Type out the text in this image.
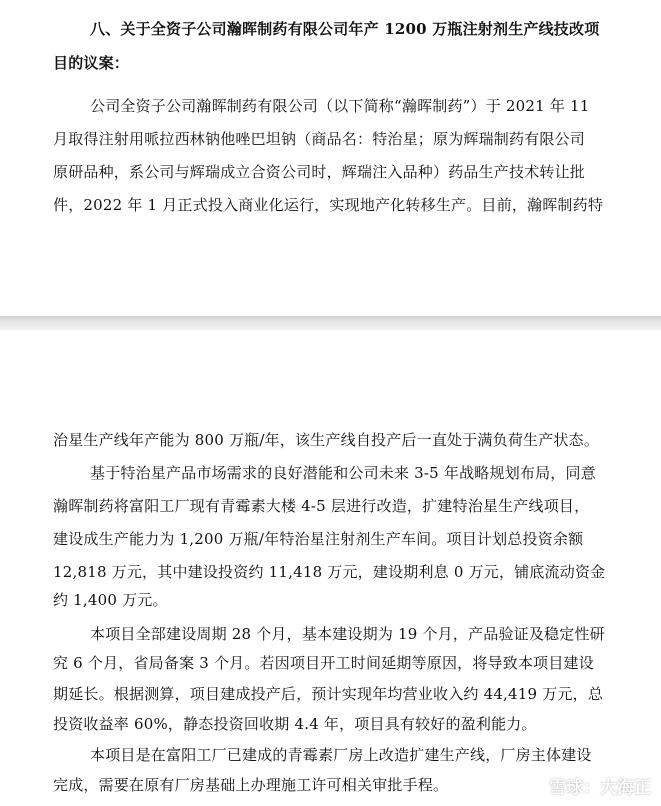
八、关于全资子公司瀚晖制药有限公司年产 1200 万瓶注射剂生产线技改项
目的议案：
公司全资子公司瀚晖制药有限公司（以下简称“瀚晖制药”）于 2021 年 11
月取得注射用哌拉西林钠他唑巴坦钠（商品名：特治星；原为辉瑞制药有限公司
原研品种，系公司与辉瑞成立合资公司时，辉瑞注入品种）药品生产技术转让批
件，2022 年 1 月正式投入商业化运行，实现地产化转移生产。目前，瀚晖制药特
治星生产线年产能为 800 万瓶/年，该生产线自投产后一直处于满负荷生产状态。
基于特治星产品市场需求的良好潜能和公司未来 3-5 年战略规划布局，同意
瀚晖制药将富阳工厂现有青霉素大楼 4-5 层进行改造，扩建特治星生产线项目，
建设成生产能力为 1,200 万瓶/年特治星注射剂生产车间。项目计划总投资余额
12,818 万元，其中建设投资约 11,418 万元，建设期利息 0 万元，铺底流动资金
约 1,400 万元。
本项目全部建设周期 28 个月，基本建设期为 19 个月，产品验证及稳定性研
究 6 个月，省局备案 3 个月。若因项目开工时间延期等原因，将导致本项目建设
期延长。根据测算，项目建成投产后，预计实现年均营业收入约 44,419 万元，总
投资收益率 60%，静态投资回收期 4.4 年，项目具有较好的盈利能力。
本项目是在富阳工厂已建成的青霉素厂房上改造扩建生产线，厂房主体建设
完成，需要在原有厂房基础上办理施工许可相关审批手程。	雪球：大海正
